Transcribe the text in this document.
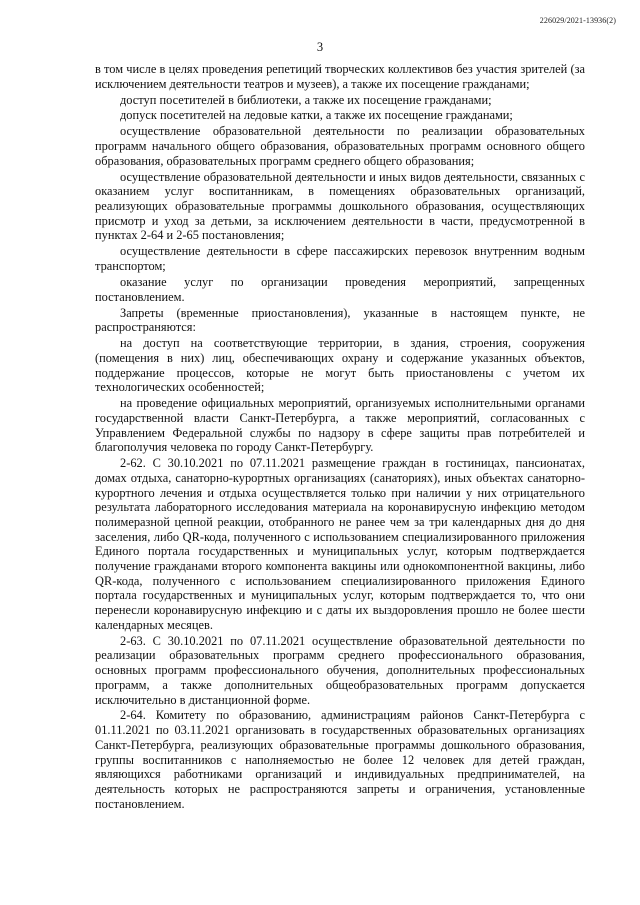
226029/2021-13936(2)
3

в том числе в целях проведения репетиций творческих коллективов без участия зрителей (за исключением деятельности театров и музеев), а также их посещение гражданами;

доступ посетителей в библиотеки, а также их посещение гражданами;

допуск посетителей на ледовые катки, а также их посещение гражданами;

осуществление образовательной деятельности по реализации образовательных программ начального общего образования, образовательных программ основного общего образования, образовательных программ среднего общего образования;

осуществление образовательной деятельности и иных видов деятельности, связанных с оказанием услуг воспитанникам, в помещениях образовательных организаций, реализующих образовательные программы дошкольного образования, осуществляющих присмотр и уход за детьми, за исключением деятельности в части, предусмотренной в пунктах 2-64 и 2-65 постановления;

осуществление деятельности в сфере пассажирских перевозок внутренним водным транспортом;

оказание услуг по организации проведения мероприятий, запрещенных постановлением.

Запреты (временные приостановления), указанные в настоящем пункте, не распространяются:

на доступ на соответствующие территории, в здания, строения, сооружения (помещения в них) лиц, обеспечивающих охрану и содержание указанных объектов, поддержание процессов, которые не могут быть приостановлены с учетом их технологических особенностей;

на проведение официальных мероприятий, организуемых исполнительными органами государственной власти Санкт-Петербурга, а также мероприятий, согласованных с Управлением Федеральной службы по надзору в сфере защиты прав потребителей и благополучия человека по городу Санкт-Петербургу.

2-62. С 30.10.2021 по 07.11.2021 размещение граждан в гостиницах, пансионатах, домах отдыха, санаторно-курортных организациях (санаториях), иных объектах санаторно-курортного лечения и отдыха осуществляется только при наличии у них отрицательного результата лабораторного исследования материала на коронавирусную инфекцию методом полимеразной цепной реакции, отобранного не ранее чем за три календарных дня до дня заселения, либо QR-кода, полученного с использованием специализированного приложения Единого портала государственных и муниципальных услуг, которым подтверждается получение гражданами второго компонента вакцины или однокомпонентной вакцины, либо QR-кода, полученного с использованием специализированного приложения Единого портала государственных и муниципальных услуг, которым подтверждается то, что они перенесли коронавирусную инфекцию и с даты их выздоровления прошло не более шести календарных месяцев.

2-63. С 30.10.2021 по 07.11.2021 осуществление образовательной деятельности по реализации образовательных программ среднего профессионального образования, основных программ профессионального обучения, дополнительных профессиональных программ, а также дополнительных общеобразовательных программ допускается исключительно в дистанционной форме.

2-64. Комитету по образованию, администрациям районов Санкт-Петербурга с 01.11.2021 по 03.11.2021 организовать в государственных образовательных организациях Санкт-Петербурга, реализующих образовательные программы дошкольного образования, группы воспитанников с наполняемостью не более 12 человек для детей граждан, являющихся работниками организаций и индивидуальных предпринимателей, на деятельность которых не распространяются запреты и ограничения, установленные постановлением.
